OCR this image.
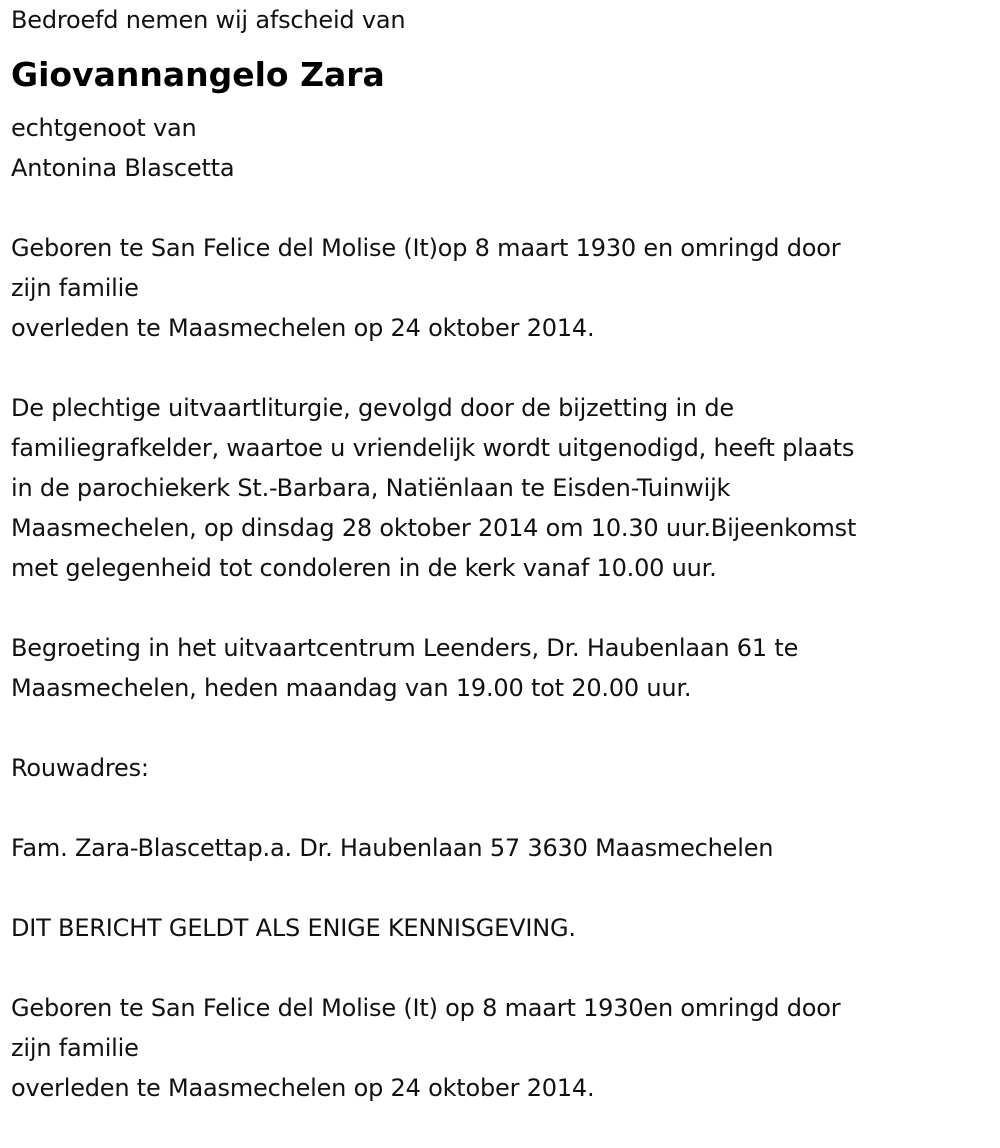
Bedroefd nemen wij afscheid van
Giovannangelo Zara
echtgenoot van
Antonina Blascetta
Geboren te San Felice del Molise (It)op 8 maart 1930 en omringd door
zijn familie
overleden te Maasmechelen op 24 oktober 2014.
De plechtige uitvaartliturgie, gevolgd door de bijzetting in de
familiegrafkelder, waartoe u vriendelijk wordt uitgenodigd, heeft plaats
in de parochiekerk St.-Barbara, Natiënlaan te Eisden-Tuinwijk
Maasmechelen, op dinsdag 28 oktober 2014 om 10.30 uur.Bijeenkomst
met gelegenheid tot condoleren in de kerk vanaf 10.00 uur.
Begroeting in het uitvaartcentrum Leenders, Dr. Haubenlaan 61 te
Maasmechelen, heden maandag van 19.00 tot 20.00 uur.
Rouwadres:
Fam. Zara-Blascettap.a. Dr. Haubenlaan 57 3630 Maasmechelen
DIT BERICHT GELDT ALS ENIGE KENNISGEVING.
Geboren te San Felice del Molise (It) op 8 maart 1930en omringd door
zijn familie
overleden te Maasmechelen op 24 oktober 2014.
